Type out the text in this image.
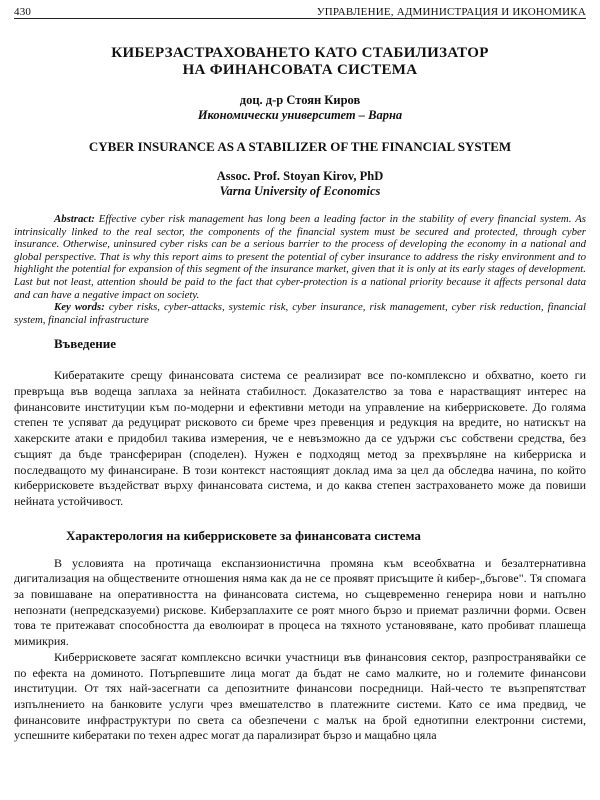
430	УПРАВЛЕНИЕ, АДМИНИСТРАЦИЯ И ИКОНОМИКА
КИБЕРЗАСТРАХОВАНЕТО КАТО СТАБИЛИЗАТОР
НА ФИНАНСОВАТА СИСТЕМА
доц. д-р Стоян Киров
Икономически университет – Варна
CYBER INSURANCE AS A STABILIZER OF THE FINANCIAL SYSTEM
Assoc. Prof. Stoyan Kirov, PhD
Varna University of Economics
Abstract: Effective cyber risk management has long been a leading factor in the stability of every financial system. As intrinsically linked to the real sector, the components of the financial system must be secured and protected, through cyber insurance. Otherwise, uninsured cyber risks can be a serious barrier to the process of developing the economy in a national and global perspective. That is why this report aims to present the potential of cyber insurance to address the risky environment and to highlight the potential for expansion of this segment of the insurance market, given that it is only at its early stages of development. Last but not least, attention should be paid to the fact that cyber-protection is a national priority because it affects personal data and can have a negative impact on society.
Key words: cyber risks, cyber-attacks, systemic risk, cyber insurance, risk management, cyber risk reduction, financial system, financial infrastructure
Въведение

Кибератаките срещу финансовата система се реализират все по-комплексно и обхватно, което ги превръща във водеща заплаха за нейната стабилност. Доказателство за това е нарастващият интерес на финансовите институции към по-модерни и ефективни методи на управление на киберрисковете. До голяма степен те успяват да редуцират рисковото си бреме чрез превенция и редукция на вредите, но натискът на хакерските атаки е придобил такива измерения, че е невъзможно да се удържи със собствени средства, без същият да бъде трансфериран (споделен). Нужен е подходящ метод за прехвърляне на киберриска и последващото му финансиране. В този контекст настоящият доклад има за цел да обследва начина, по който киберрисковете въздействат върху финансовата система, и до каква степен застраховането може да повиши нейната устойчивост.

Характерология на киберрисковете за финансовата система

В условията на протичаща експанзионистична промяна към всеобхватна и безалтернативна дигитализация на обществените отношения няма как да не се проявят присъщите ѝ кибер-„бъгове". Тя спомага за повишаване на оперативността на финансовата система, но същевременно генерира нови и напълно непознати (непредсказуеми) рискове. Киберзаплахите се роят много бързо и приемат различни форми. Освен това те притежават способността да еволюират в процеса на тяхното установяване, като пробиват плашеща мимикрия.

Киберрисковете засягат комплексно всички участници във финансовия сектор, разпространявайки се по ефекта на доминото. Потърпевшите лица могат да бъдат не само малките, но и големите финансови институции. От тях най-засегнати са депозитните финансови посредници. Най-често те възпрепятстват изпълнението на банковите услуги чрез вмешателство в платежните системи. Като се има предвид, че финансовите инфраструктури по света са обезпечени с малък на брой еднотипни електронни системи, успешните кибератаки по техен адрес могат да парализират бързо и мащабно цяла
